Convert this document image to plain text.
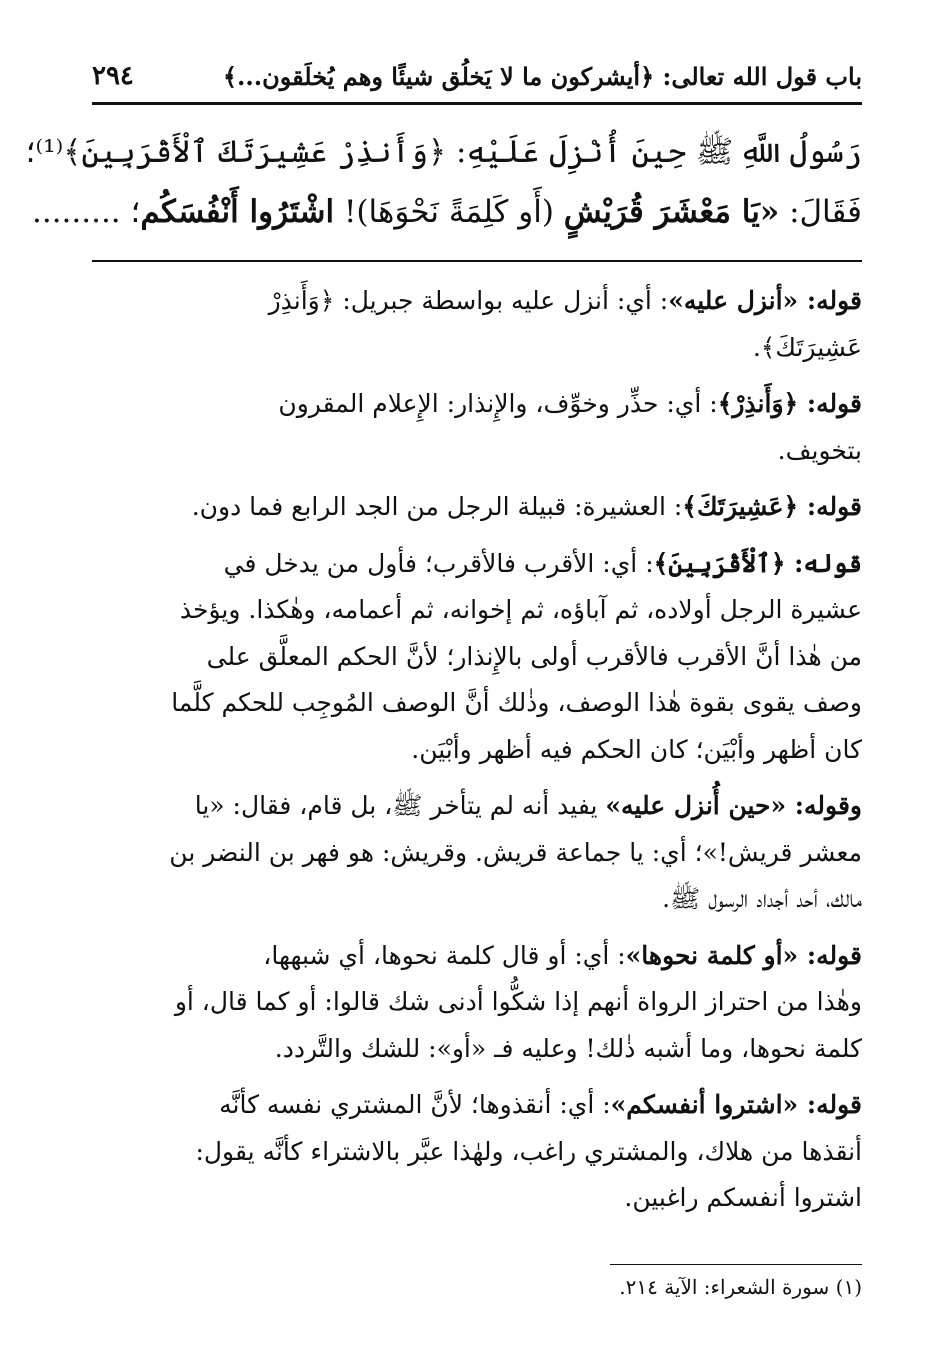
باب قول الله تعالى: ﴿أيشركون ما لا يَخلُق شيئًا وهم يُخلَقون...﴾
٢٩٤
رَسُولُ اللَّهِ ﷺ حِينَ أُنْزِلَ عَلَيْهِ: ﴿وَأَنذِرْ عَشِيرَتَكَ ٱلْأَقْرَبِينَ﴾⁽¹⁾؛
فَقَالَ: «يَا مَعْشَرَ قُرَيْشٍ (أَو كَلِمَةً نَحْوَهَا)! اشْتَرُوا أَنْفُسَكُم؛ .........
قوله: «أنزل عليه»: أي: أنزل عليه بواسطة جبريل: ﴿وَأَنذِرْ
عَشِيرَتَكَ﴾.
قوله: ﴿وَأَنذِرْ﴾: أي: حذِّر وخوِّف، والإِنذار: الإِعلام المقرون
بتخويف.
قوله: ﴿عَشِيرَتَكَ﴾: العشيرة: قبيلة الرجل من الجد الرابع فما دون.
قوله: ﴿ٱلْأَقْرَبِينَ﴾: أي: الأقرب فالأقرب؛ فأول من يدخل في
عشيرة الرجل أولاده، ثم آباؤه، ثم إخوانه، ثم أعمامه، وهٰكذا. ويؤخذ
من هٰذا أنَّ الأقرب فالأقرب أولى بالإِنذار؛ لأنَّ الحكم المعلَّق على
وصف يقوى بقوة هٰذا الوصف، وذٰلك أنَّ الوصف المُوجِب للحكم كلَّما
كان أظهر وأبْيَن؛ كان الحكم فيه أظهر وأبْيَن.
وقوله: «حين أُنزل عليه» يفيد أنه لم يتأخر ﷺ، بل قام، فقال: «يا
معشر قريش!»؛ أي: يا جماعة قريش. وقريش: هو فهر بن النضر بن
مالك، أحد أجداد الرسول ﷺ.
قوله: «أو كلمة نحوها»: أي: أو قال كلمة نحوها، أي شبهها،
وهٰذا من احتراز الرواة أنهم إذا شكُّوا أدنى شك قالوا: أو كما قال، أو
كلمة نحوها، وما أشبه ذٰلك! وعليه فـ «أو»: للشك والتَّردد.
قوله: «اشتروا أنفسكم»: أي: أنقذوها؛ لأنَّ المشتري نفسه كأنَّه
أنقذها من هلاك، والمشتري راغب، ولهٰذا عبَّر بالاشتراء كأنَّه يقول:
اشتروا أنفسكم راغبين.
(١) سورة الشعراء: الآية ٢١٤.
